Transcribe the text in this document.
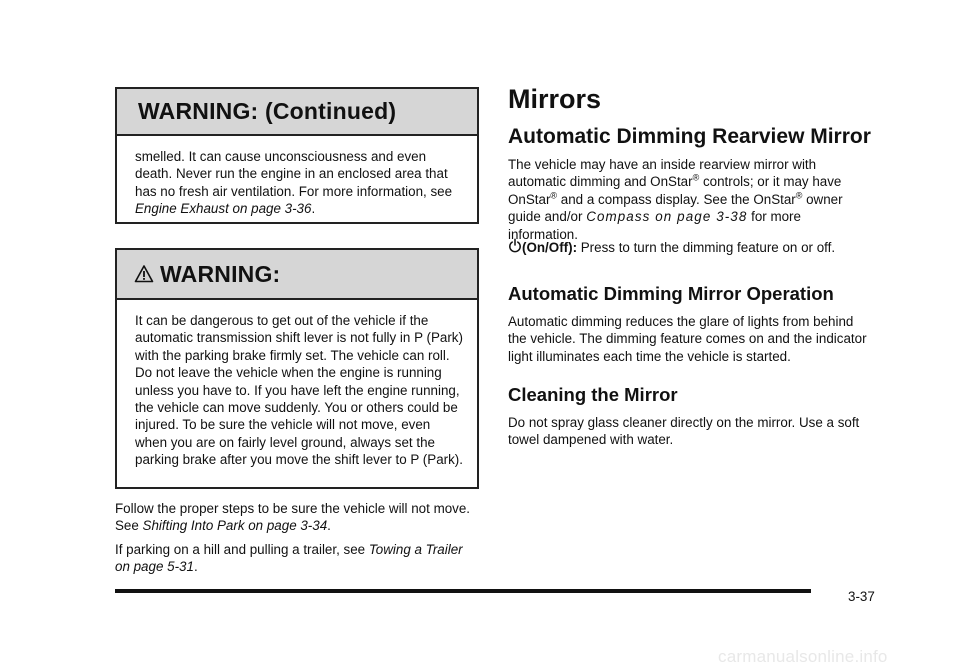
WARNING: (Continued)
smelled. It can cause unconsciousness and even death. Never run the engine in an enclosed area that has no fresh air ventilation. For more information, see Engine Exhaust on page 3-36.
WARNING:
It can be dangerous to get out of the vehicle if the automatic transmission shift lever is not fully in P (Park) with the parking brake firmly set. The vehicle can roll. Do not leave the vehicle when the engine is running unless you have to. If you have left the engine running, the vehicle can move suddenly. You or others could be injured. To be sure the vehicle will not move, even when you are on fairly level ground, always set the parking brake after you move the shift lever to P (Park).
Follow the proper steps to be sure the vehicle will not move. See Shifting Into Park on page 3-34.
If parking on a hill and pulling a trailer, see Towing a Trailer on page 5-31.
Mirrors
Automatic Dimming Rearview Mirror
The vehicle may have an inside rearview mirror with automatic dimming and OnStar® controls; or it may have OnStar® and a compass display. See the OnStar® owner guide and/or Compass on page 3-38 for more information.
(On/Off): Press to turn the dimming feature on or off.
Automatic Dimming Mirror Operation
Automatic dimming reduces the glare of lights from behind the vehicle. The dimming feature comes on and the indicator light illuminates each time the vehicle is started.
Cleaning the Mirror
Do not spray glass cleaner directly on the mirror. Use a soft towel dampened with water.
3-37
carmanualsonline.info
